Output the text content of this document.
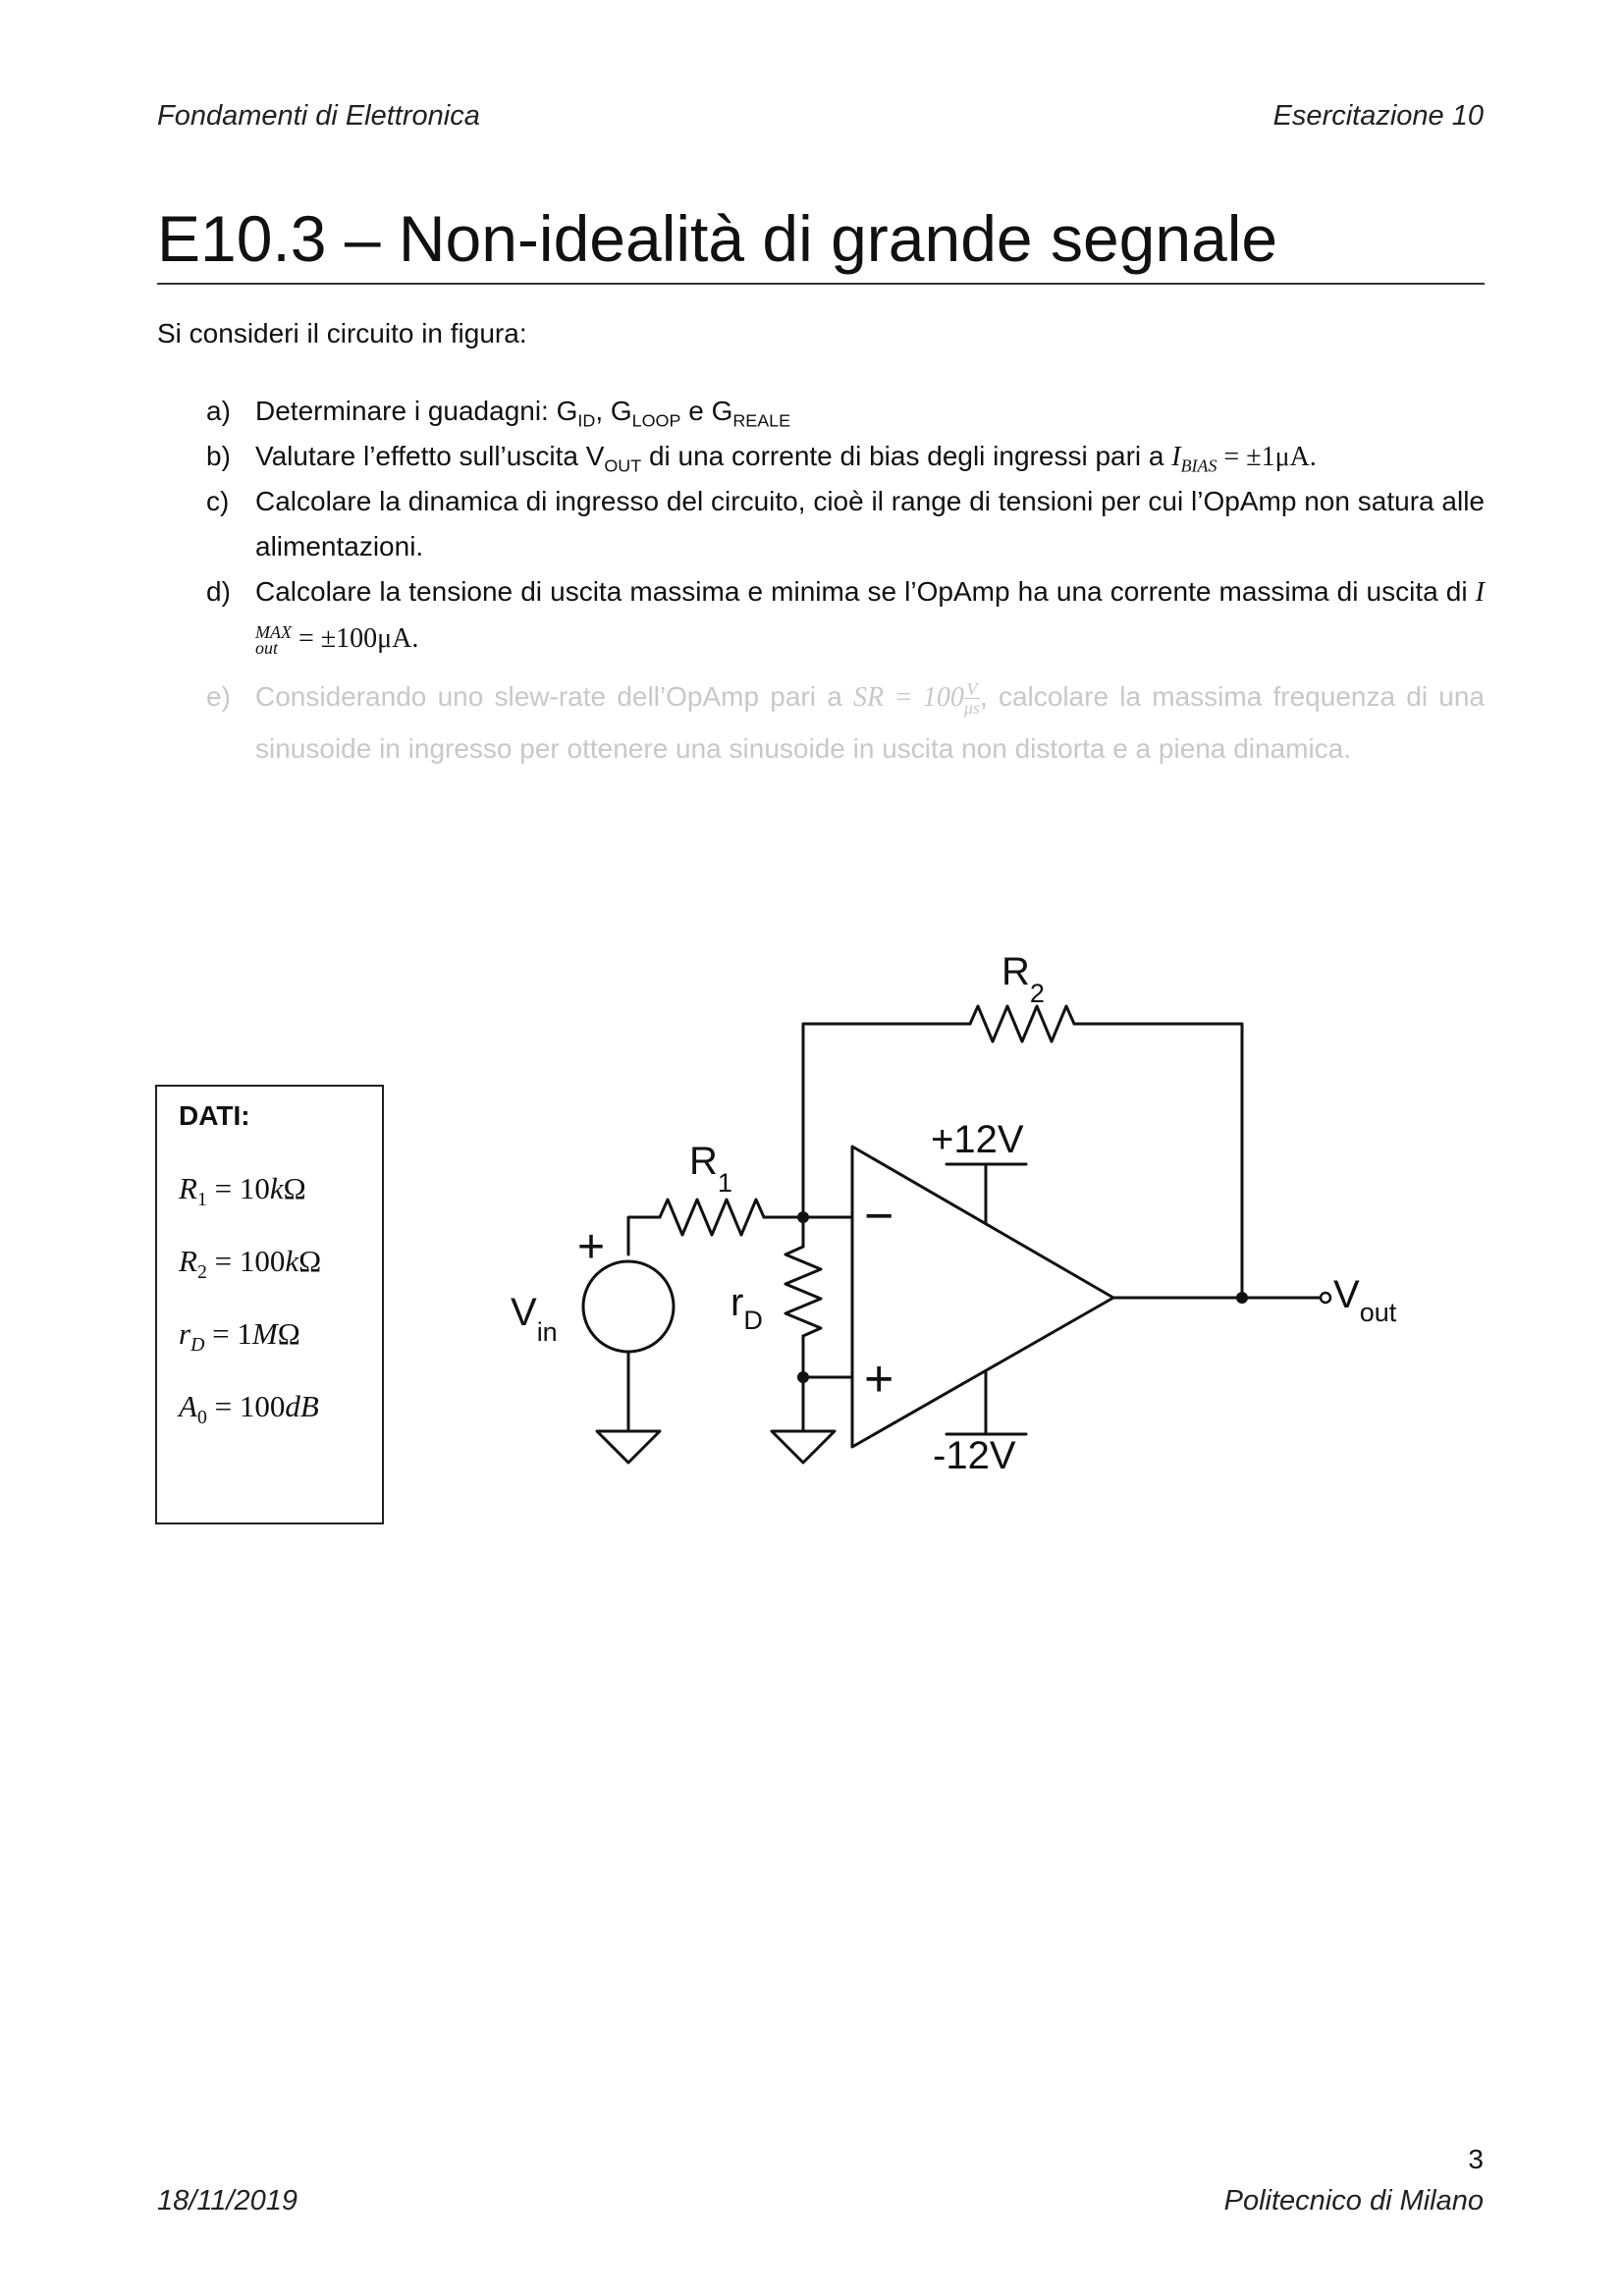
Fondamenti di Elettronica	Esercitazione 10
E10.3 – Non-idealità di grande segnale
Si consideri il circuito in figura:
a) Determinare i guadagni: $G_{ID}$, $G_{LOOP}$ e $G_{REALE}$
b) Valutare l’effetto sull’uscita $V_{OUT}$ di una corrente di bias degli ingressi pari a $I_{BIAS} = \pm 1\mu A$.
c) Calcolare la dinamica di ingresso del circuito, cioè il range di tensioni per cui l’OpAmp non satura alle alimentazioni.
d) Calcolare la tensione di uscita massima e minima se l’OpAmp ha una corrente massima di uscita di I
MAX
out = ±100μA.
e) Considerando uno slew-rate dell’OpAmp pari a SR = $100 \frac{V}{\mu s}$ , calcolare la massima frequenza di una sinusoide in ingresso per ottenere una sinusoide in uscita non distorta e a piena dinamica.
DATI:
$R_1 = 10k\Omega$
$R_2 = 100k\Omega$
$r_D = 1M\Omega$
$A_0 = 100dB$
$R_2$
$R_1$
$r_D$
$V_{in}$
$V_{out}$
+12V
-12V
+
−
+
3
18/11/2019	Politecnico di Milano
